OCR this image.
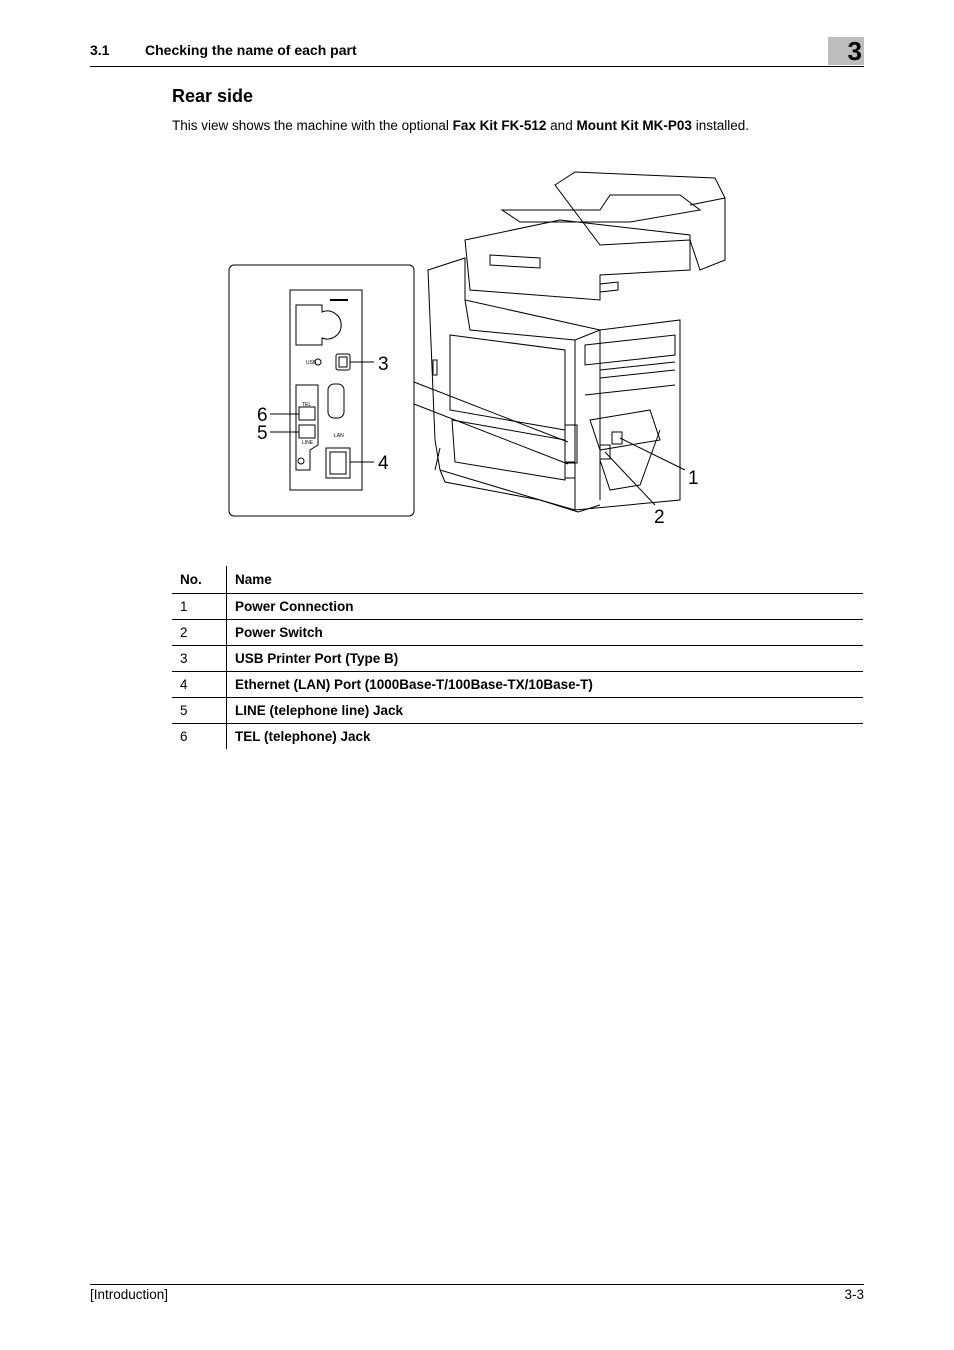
3.1	Checking the name of each part	3
Rear side

This view shows the machine with the optional Fax Kit FK-512 and Mount Kit MK-P03 installed.

USB
TEL
LINE
LAN
1
2
3
4
5
6
No.	Name
1	Power Connection
2	Power Switch
3	USB Printer Port (Type B)
4	Ethernet (LAN) Port (1000Base-T/100Base-TX/10Base-T)
5	LINE (telephone line) Jack
6	TEL (telephone) Jack
[Introduction]	3-3
